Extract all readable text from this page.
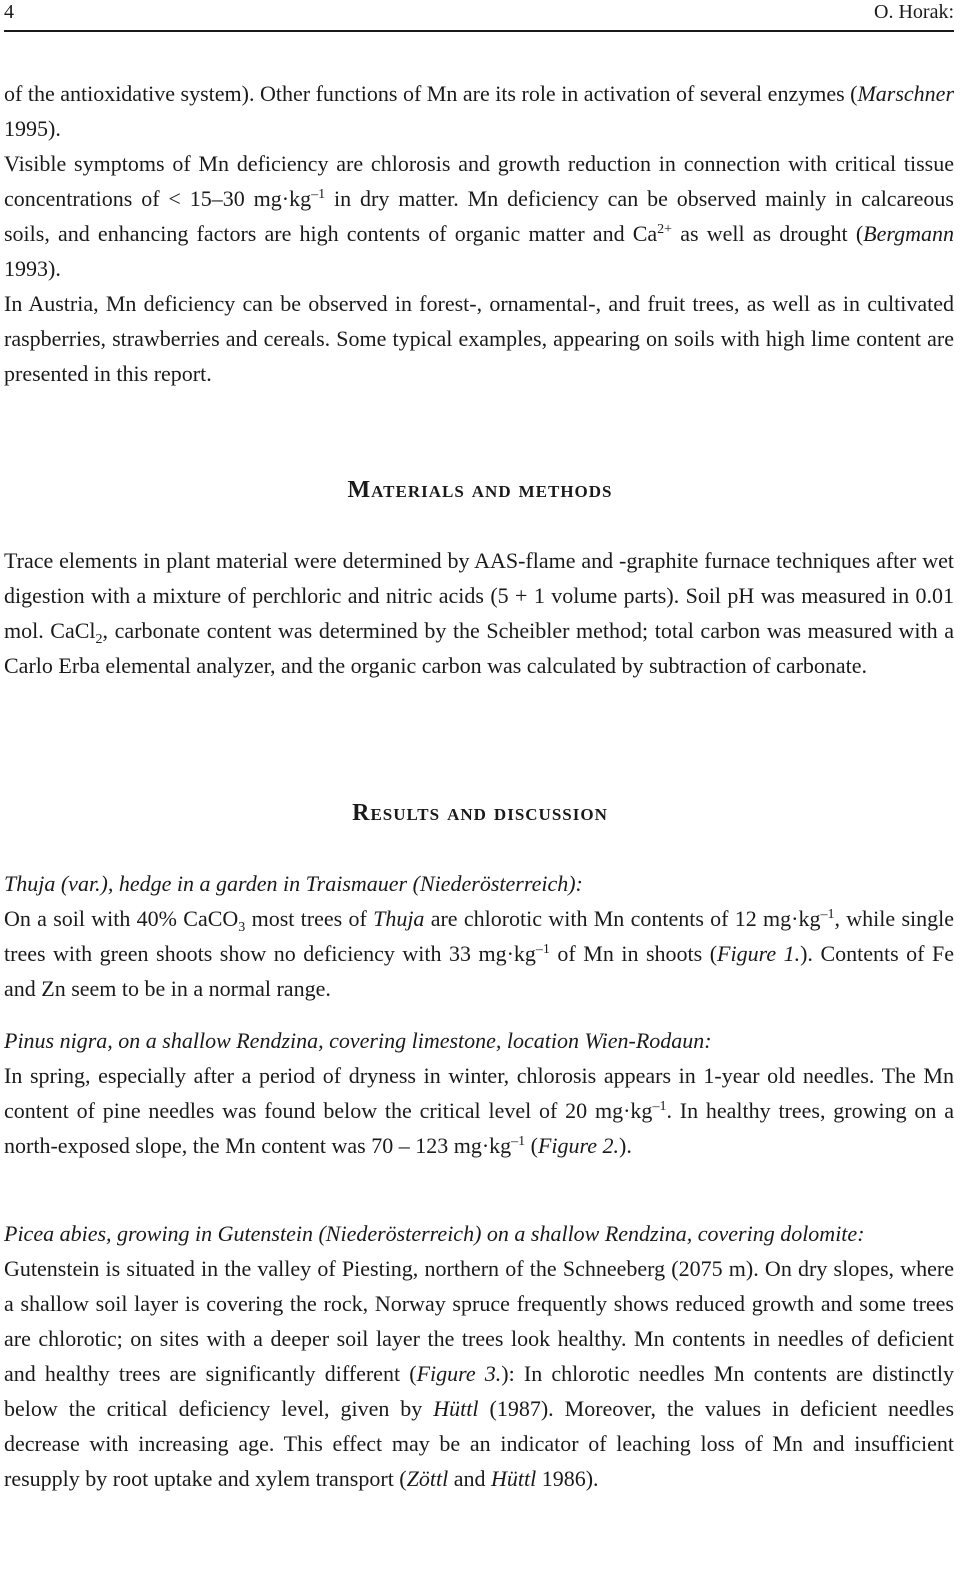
4	O. Horak:

of the antioxidative system). Other functions of Mn are its role in activation of several enzymes (Marschner 1995).

Visible symptoms of Mn deficiency are chlorosis and growth reduction in connection with critical tissue concentrations of < 15–30 $mg\cdot kg^{-1}$ in dry matter. Mn deficiency can be observed mainly in calcareous soils, and enhancing factors are high contents of organic matter and $Ca^{2+}$ as well as drought (Bergmann 1993).

In Austria, Mn deficiency can be observed in forest-, ornamental-, and fruit trees, as well as in cultivated raspberries, strawberries and cereals. Some typical examples, appearing on soils with high lime content are presented in this report.

Materials and methods

Trace elements in plant material were determined by AAS-flame and -graphite furnace techniques after wet digestion with a mixture of perchloric and nitric acids (5 + 1 volume parts). Soil pH was measured in 0.01 mol. CaCl$_2$, carbonate content was determined by the Scheibler method; total carbon was measured with a Carlo Erba elemental analyzer, and the organic carbon was calculated by subtraction of carbonate.

Results and discussion

Thuja (var.), hedge in a garden in Traismauer (Niederösterreich):

On a soil with 40% CaCO$_3$ most trees of Thuja are chlorotic with Mn contents of 12 $mg\cdot kg^{-1}$, while single trees with green shoots show no deficiency with 33 $mg\cdot kg^{-1}$ of Mn in shoots (Figure 1.). Contents of Fe and Zn seem to be in a normal range.

Pinus nigra, on a shallow Rendzina, covering limestone, location Wien-Rodaun:

In spring, especially after a period of dryness in winter, chlorosis appears in 1-year old needles. The Mn content of pine needles was found below the critical level of 20 $mg\cdot kg^{-1}$. In healthy trees, growing on a north-exposed slope, the Mn content was 70 – 123 $mg\cdot kg^{-1}$ (Figure 2.).

Picea abies, growing in Gutenstein (Niederösterreich) on a shallow Rendzina, covering dolomite:

Gutenstein is situated in the valley of Piesting, northern of the Schneeberg (2075 m). On dry slopes, where a shallow soil layer is covering the rock, Norway spruce frequently shows reduced growth and some trees are chlorotic; on sites with a deeper soil layer the trees look healthy. Mn contents in needles of deficient and healthy trees are significantly different (Figure 3.): In chlorotic needles Mn contents are distinctly below the critical deficiency level, given by Hüttl (1987). Moreover, the values in deficient needles decrease with increasing age. This effect may be an indicator of leaching loss of Mn and insufficient resupply by root uptake and xylem transport (Zöttl and Hüttl 1986).
